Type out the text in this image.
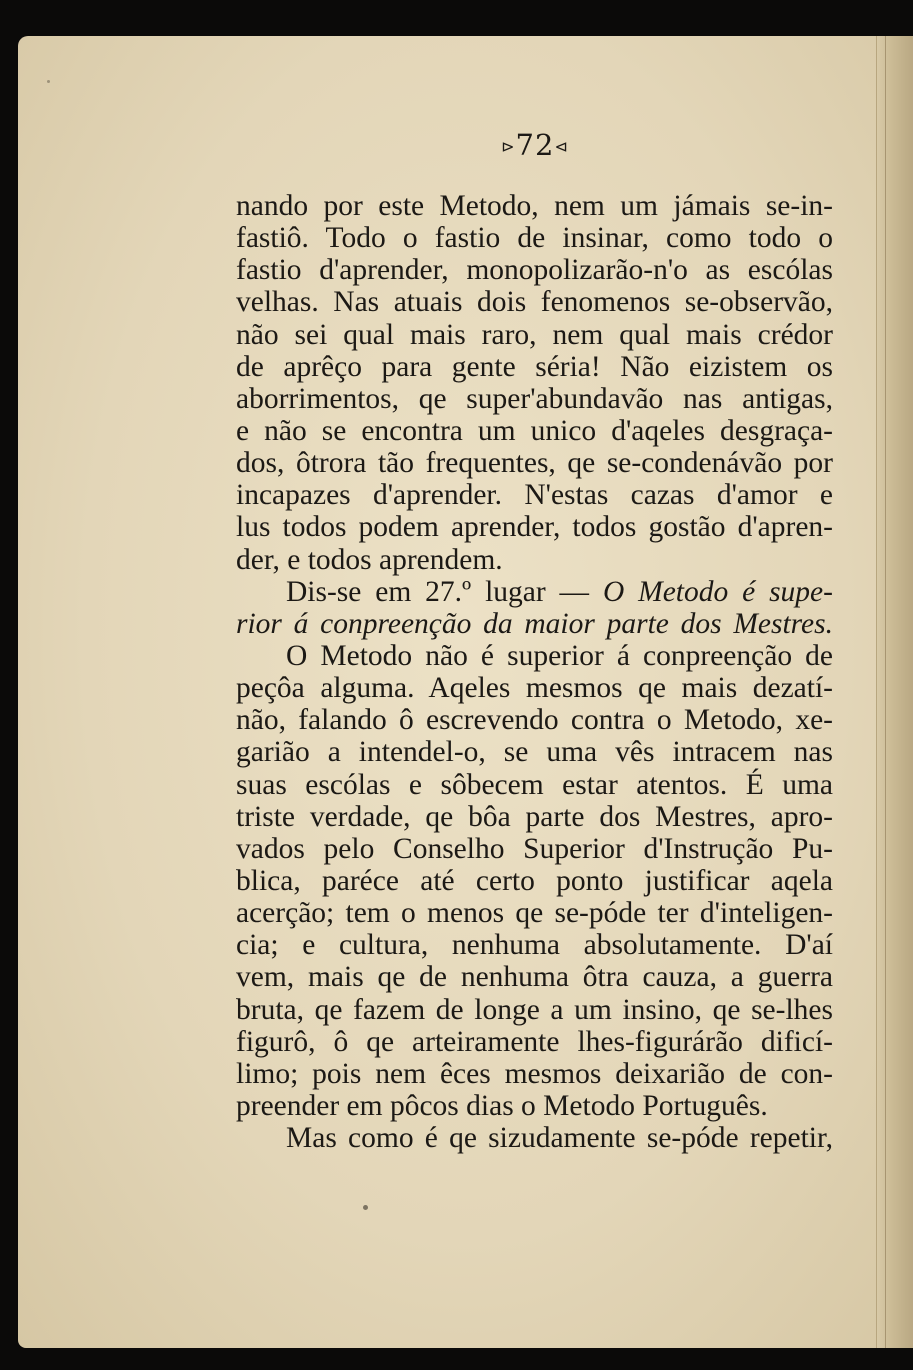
⊳72⊲
nando por este Metodo, nem um jámais se-in-
fastiô. Todo o fastio de insinar, como todo o
fastio d'aprender, monopolizarão-n'o as escólas
velhas. Nas atuais dois fenomenos se-observão,
não sei qual mais raro, nem qual mais crédor
de aprêço para gente séria! Não eizistem os
aborrimentos, qe super'abundavão nas antigas,
e não se encontra um unico d'aqeles desgraça-
dos, ôtrora tão frequentes, qe se-condenávão por
incapazes d'aprender. N'estas cazas d'amor e
lus todos podem aprender, todos gostão d'apren-
der, e todos aprendem.
Dis-se em 27.º lugar — O Metodo é supe-
rior á conpreenção da maior parte dos Mestres.
O Metodo não é superior á conpreenção de
peçôa alguma. Aqeles mesmos qe mais dezatí-
não, falando ô escrevendo contra o Metodo, xe-
garião a intendel-o, se uma vês intracem nas
suas escólas e sôbecem estar atentos. É uma
triste verdade, qe bôa parte dos Mestres, apro-
vados pelo Conselho Superior d'Instrução Pu-
blica, paréce até certo ponto justificar aqela
acerção; tem o menos qe se-póde ter d'inteligen-
cia; e cultura, nenhuma absolutamente. D'aí
vem, mais qe de nenhuma ôtra cauza, a guerra
bruta, qe fazem de longe a um insino, qe se-lhes
figurô, ô qe arteiramente lhes-figurárão dificí-
limo; pois nem êces mesmos deixarião de con-
preender em pôcos dias o Metodo Português.
Mas como é qe sizudamente se-póde repetir,
